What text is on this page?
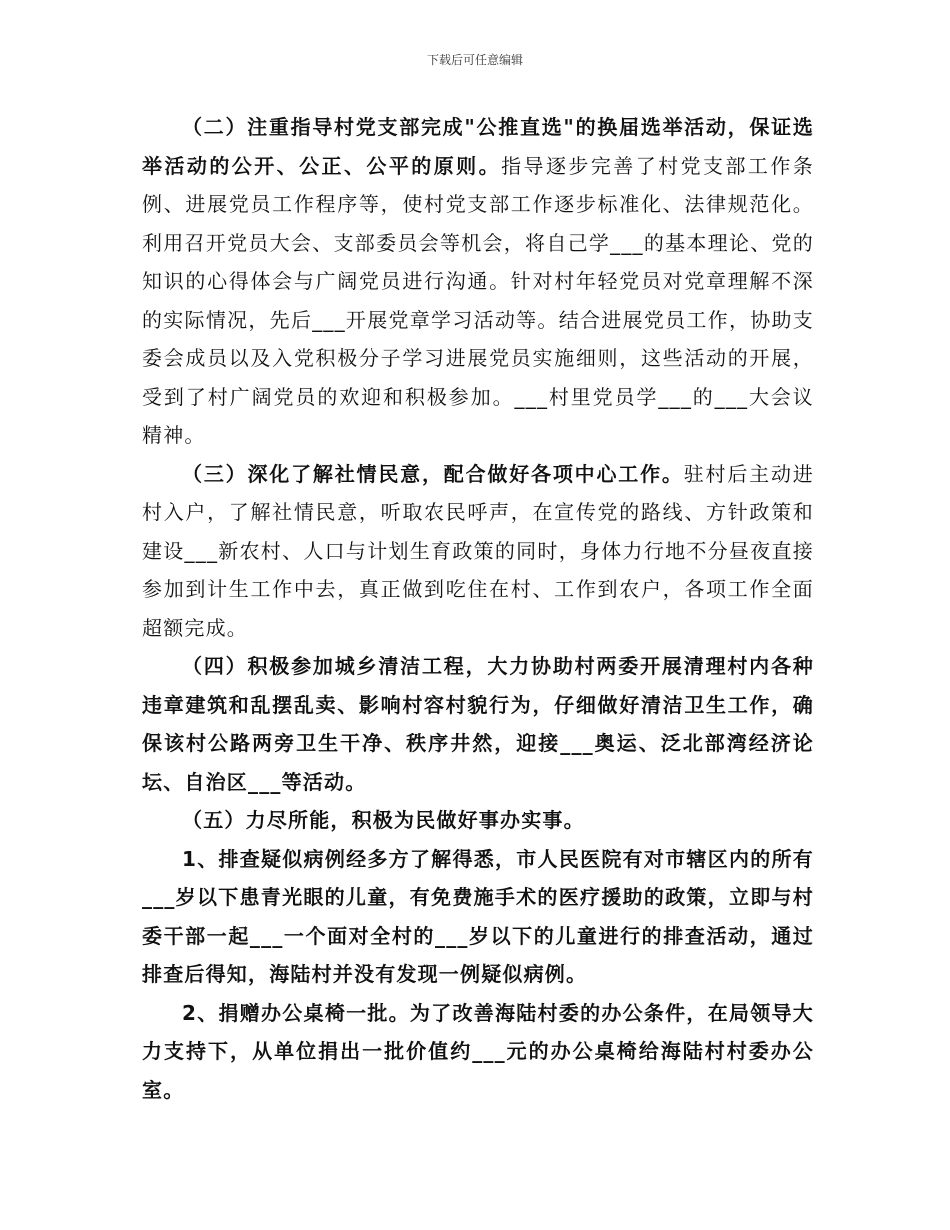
下载后可任意编辑

（二）注重指导村党支部完成"公推直选"的换届选举活动，保证选举活动的公开、公正、公平的原则。指导逐步完善了村党支部工作条例、进展党员工作程序等，使村党支部工作逐步标准化、法律规范化。利用召开党员大会、支部委员会等机会，将自己学___的基本理论、党的知识的心得体会与广阔党员进行沟通。针对村年轻党员对党章理解不深的实际情况，先后___开展党章学习活动等。结合进展党员工作，协助支委会成员以及入党积极分子学习进展党员实施细则，这些活动的开展，受到了村广阔党员的欢迎和积极参加。___村里党员学___的___大会议精神。

（三）深化了解社情民意，配合做好各项中心工作。驻村后主动进村入户，了解社情民意，听取农民呼声，在宣传党的路线、方针政策和建设___新农村、人口与计划生育政策的同时，身体力行地不分昼夜直接参加到计生工作中去，真正做到吃住在村、工作到农户，各项工作全面超额完成。

（四）积极参加城乡清洁工程，大力协助村两委开展清理村内各种违章建筑和乱摆乱卖、影响村容村貌行为，仔细做好清洁卫生工作，确保该村公路两旁卫生干净、秩序井然，迎接___奥运、泛北部湾经济论坛、自治区___等活动。

（五）力尽所能，积极为民做好事办实事。

1、排查疑似病例经多方了解得悉，市人民医院有对市辖区内的所有___岁以下患青光眼的儿童，有免费施手术的医疗援助的政策，立即与村委干部一起___一个面对全村的___岁以下的儿童进行的排查活动，通过排查后得知，海陆村并没有发现一例疑似病例。

2、捐赠办公桌椅一批。为了改善海陆村委的办公条件，在局领导大力支持下，从单位捐出一批价值约___元的办公桌椅给海陆村村委办公室。
